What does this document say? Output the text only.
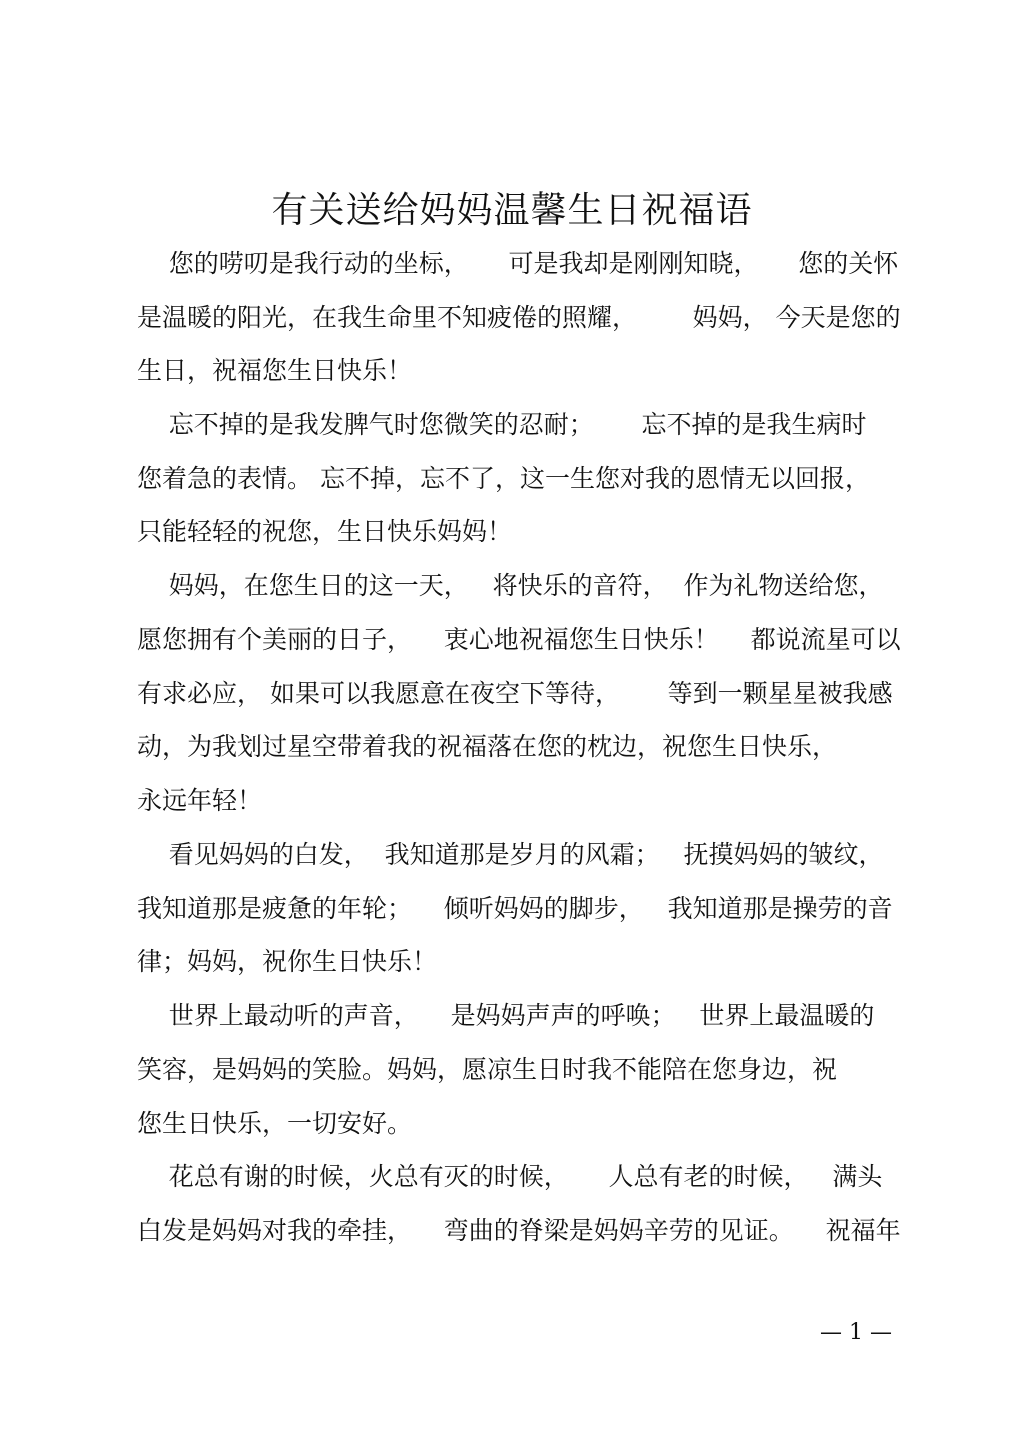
有关送给妈妈温馨生日祝福语

您的唠叨是我行动的坐标，     可是我却是刚刚知晓，     您的关怀

是温暖的阳光，在我生命里不知疲倦的照耀，       妈妈， 今天是您的

生日，祝福您生日快乐！

忘不掉的是我发脾气时您微笑的忍耐；      忘不掉的是我生病时

您着急的表情。 忘不掉，忘不了，这一生您对我的恩情无以回报，

只能轻轻的祝您，生日快乐妈妈！

妈妈，在您生日的这一天，   将快乐的音符，  作为礼物送给您，

愿您拥有个美丽的日子，    衷心地祝福您生日快乐！    都说流星可以

有求必应， 如果可以我愿意在夜空下等待，      等到一颗星星被我感

动，为我划过星空带着我的祝福落在您的枕边，祝您生日快乐，

永远年轻！

看见妈妈的白发，  我知道那是岁月的风霜；   抚摸妈妈的皱纹，

我知道那是疲惫的年轮；    倾听妈妈的脚步，   我知道那是操劳的音

律；妈妈，祝你生日快乐！

世界上最动听的声音，    是妈妈声声的呼唤；   世界上最温暖的

笑容，是妈妈的笑脸。妈妈，愿凉生日时我不能陪在您身边，祝

您生日快乐，一切安好。

花总有谢的时候，火总有灭的时候，     人总有老的时候，   满头

白发是妈妈对我的牵挂，    弯曲的脊梁是妈妈辛劳的见证。    祝福年

— 1 —
